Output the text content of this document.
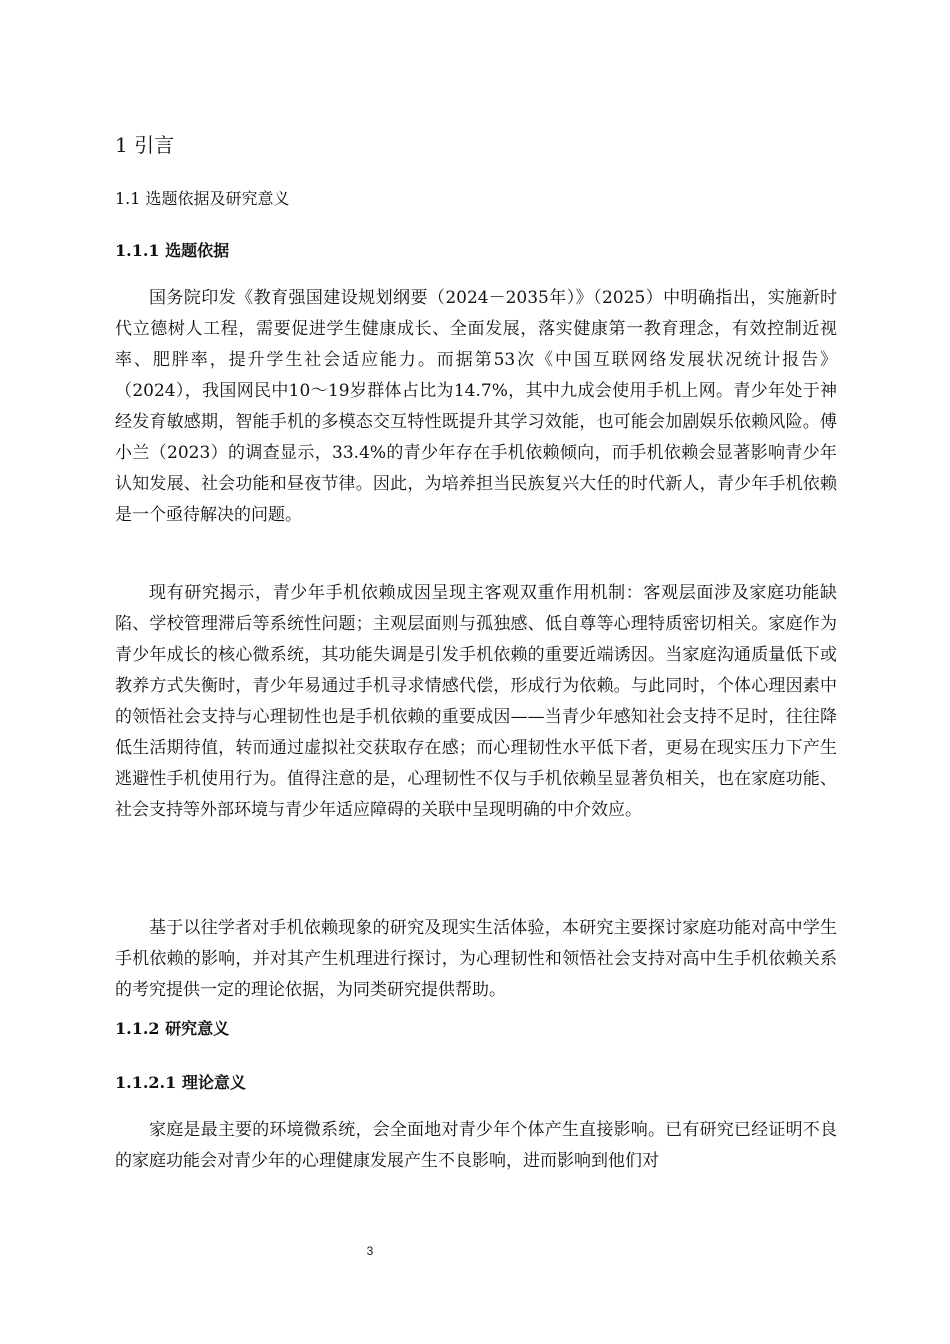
1 引言
1.1 选题依据及研究意义
1.1.1 选题依据

国务院印发《教育强国建设规划纲要（2024－2035年）》（2025）中明确指出，实施新时代立德树人工程，需要促进学生健康成长、全面发展，落实健康第一教育理念，有效控制近视率、肥胖率，提升学生社会适应能力。而据第53次《中国互联网络发展状况统计报告》（2024），我国网民中10～19岁群体占比为14.7%，其中九成会使用手机上网。青少年处于神经发育敏感期，智能手机的多模态交互特性既提升其学习效能，也可能会加剧娱乐依赖风险。傅小兰（2023）的调查显示，33.4%的青少年存在手机依赖倾向，而手机依赖会显著影响青少年认知发展、社会功能和昼夜节律。因此，为培养担当民族复兴大任的时代新人，青少年手机依赖是一个亟待解决的问题。

现有研究揭示，青少年手机依赖成因呈现主客观双重作用机制：客观层面涉及家庭功能缺陷、学校管理滞后等系统性问题；主观层面则与孤独感、低自尊等心理特质密切相关。家庭作为青少年成长的核心微系统，其功能失调是引发手机依赖的重要近端诱因。当家庭沟通质量低下或教养方式失衡时，青少年易通过手机寻求情感代偿，形成行为依赖。与此同时，个体心理因素中的领悟社会支持与心理韧性也是手机依赖的重要成因——当青少年感知社会支持不足时，往往降低生活期待值，转而通过虚拟社交获取存在感；而心理韧性水平低下者，更易在现实压力下产生逃避性手机使用行为。值得注意的是，心理韧性不仅与手机依赖呈显著负相关，也在家庭功能、社会支持等外部环境与青少年适应障碍的关联中呈现明确的中介效应。

基于以往学者对手机依赖现象的研究及现实生活体验，本研究主要探讨家庭功能对高中学生手机依赖的影响，并对其产生机理进行探讨，为心理韧性和领悟社会支持对高中生手机依赖关系的考究提供一定的理论依据，为同类研究提供帮助。

1.1.2 研究意义
1.1.2.1 理论意义

家庭是最主要的环境微系统，会全面地对青少年个体产生直接影响。已有研究已经证明不良的家庭功能会对青少年的心理健康发展产生不良影响，进而影响到他们对

3
